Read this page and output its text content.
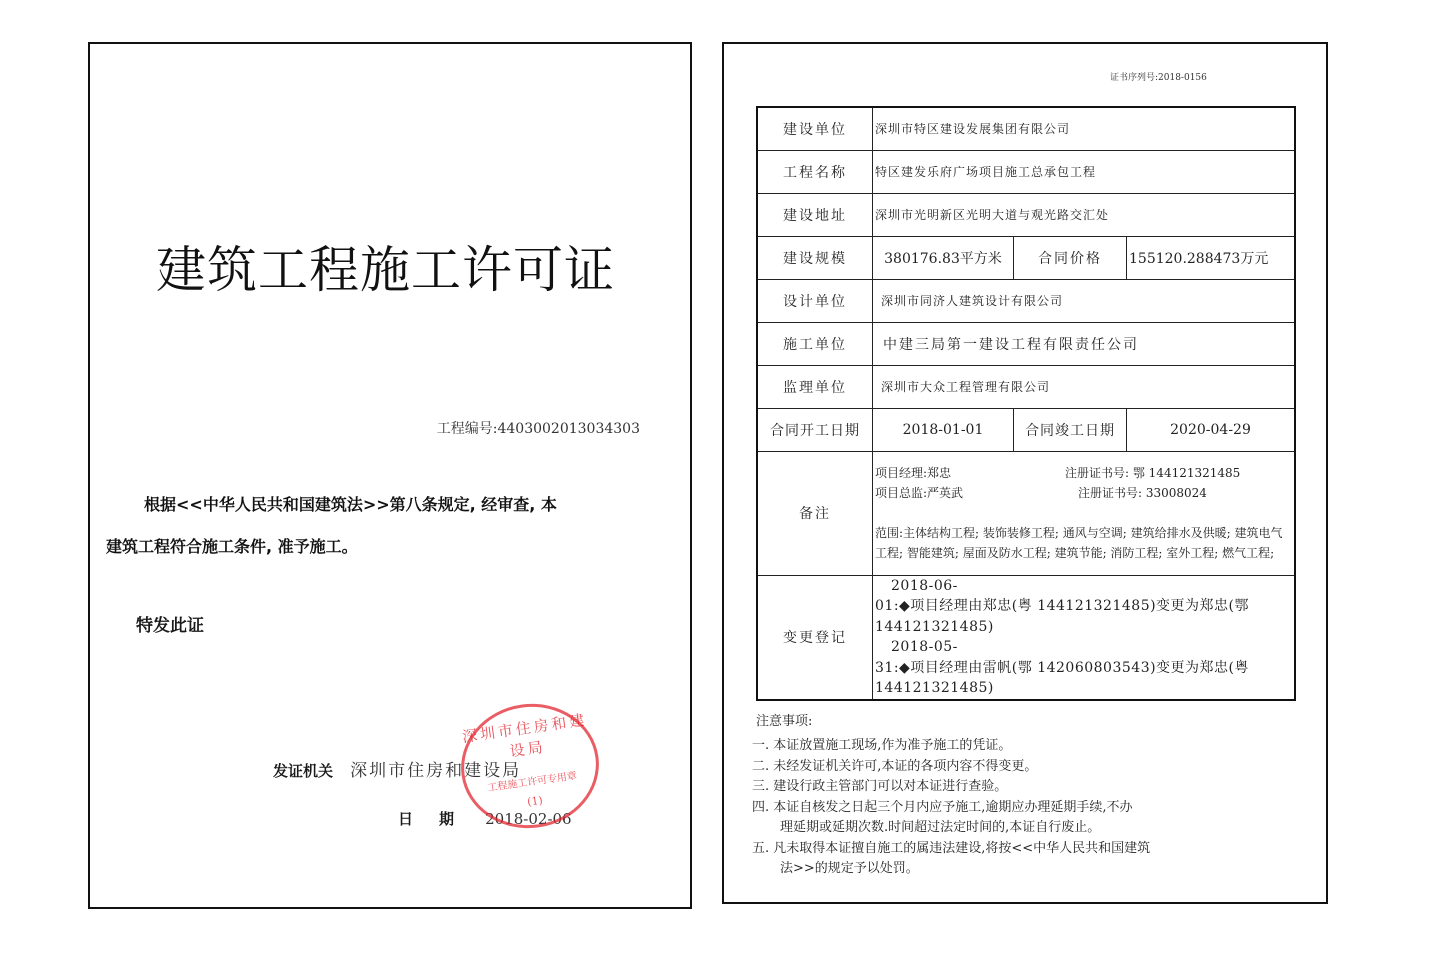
建筑工程施工许可证
工程编号:4403002013034303
根据<<中华人民共和国建筑法>>第八条规定, 经审查, 本
建筑工程符合施工条件, 准予施工。
特发此证
发证机关 深圳市住房和建设局
日期 2018-02-06
深圳市住房和建设局
工程施工许可专用章
(1)
证书序列号:2018-0156
建设单位	深圳市特区建设发展集团有限公司		
工程名称	特区建发乐府广场项目施工总承包工程		
建设地址	深圳市光明新区光明大道与观光路交汇处		
建设规模	380176.83平方米	合同价格	155120.288473万元
设计单位	深圳市同济人建筑设计有限公司		
施工单位	中建三局第一建设工程有限责任公司		
监理单位	深圳市大众工程管理有限公司		
合同开工日期	2018-01-01	合同竣工日期	2020-04-29
备注	项目经理:郑忠 注册证书号: 鄂 144121321485
项目总监:严英武 注册证书号: 33008024
范围:主体结构工程; 装饰装修工程; 通风与空调; 建筑给排水及供暖; 建筑电气工程; 智能建筑; 屋面及防水工程; 建筑节能; 消防工程; 室外工程; 燃气工程;		

变更登记	
2018-06-
01:◆项目经理由郑忠(粤 144121321485)变更为郑忠(鄂
144121321485)
2018-05-
31:◆项目经理由雷帆(鄂 142060803543)变更为郑忠(粤
144121321485)
注意事项:
一. 本证放置施工现场,作为准予施工的凭证。
二. 未经发证机关许可,本证的各项内容不得变更。
三. 建设行政主管部门可以对本证进行查验。
四. 本证自核发之日起三个月内应予施工,逾期应办理延期手续,不办
理延期或延期次数.时间超过法定时间的,本证自行废止。
五. 凡未取得本证擅自施工的属违法建设,将按<<中华人民共和国建筑
法>>的规定予以处罚。
